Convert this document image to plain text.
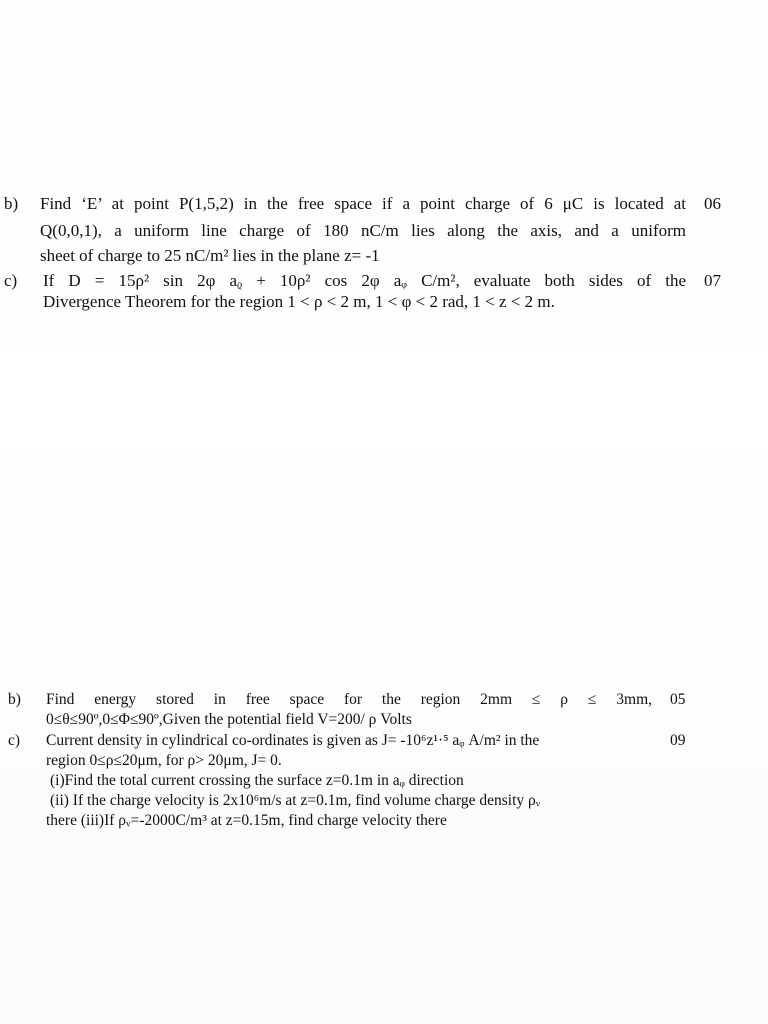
b) Find ‘E’ at point P(1,5,2) in the free space if a point charge of 6 μC is located at 06
Q(0,0,1), a uniform line charge of 180 nC/m lies along the axis, and a uniform
sheet of charge to 25 nC/m² lies in the plane z= -1
c) If D = 15ρ² sin 2φ aᵨ + 10ρ² cos 2φ aᵩ C/m², evaluate both sides of the 07
Divergence Theorem for the region 1 < ρ < 2 m, 1 < φ < 2 rad, 1 < z < 2 m.
b) Find energy stored in free space for the region 2mm ≤ ρ ≤ 3mm, 05
0≤θ≤90º,0≤Φ≤90º,Given the potential field V=200/ ρ Volts
c) Current density in cylindrical co-ordinates is given as J= -10⁶z¹·⁵ aᵩ A/m² in the	09
region 0≤ρ≤20μm, for ρ> 20μm, J= 0.
(i)Find the total current crossing the surface z=0.1m in aᵩ direction
(ii) If the charge velocity is 2x10⁶m/s at z=0.1m, find volume charge density ρᵥ
there (iii)If ρᵥ=-2000C/m³ at z=0.15m, find charge velocity there
